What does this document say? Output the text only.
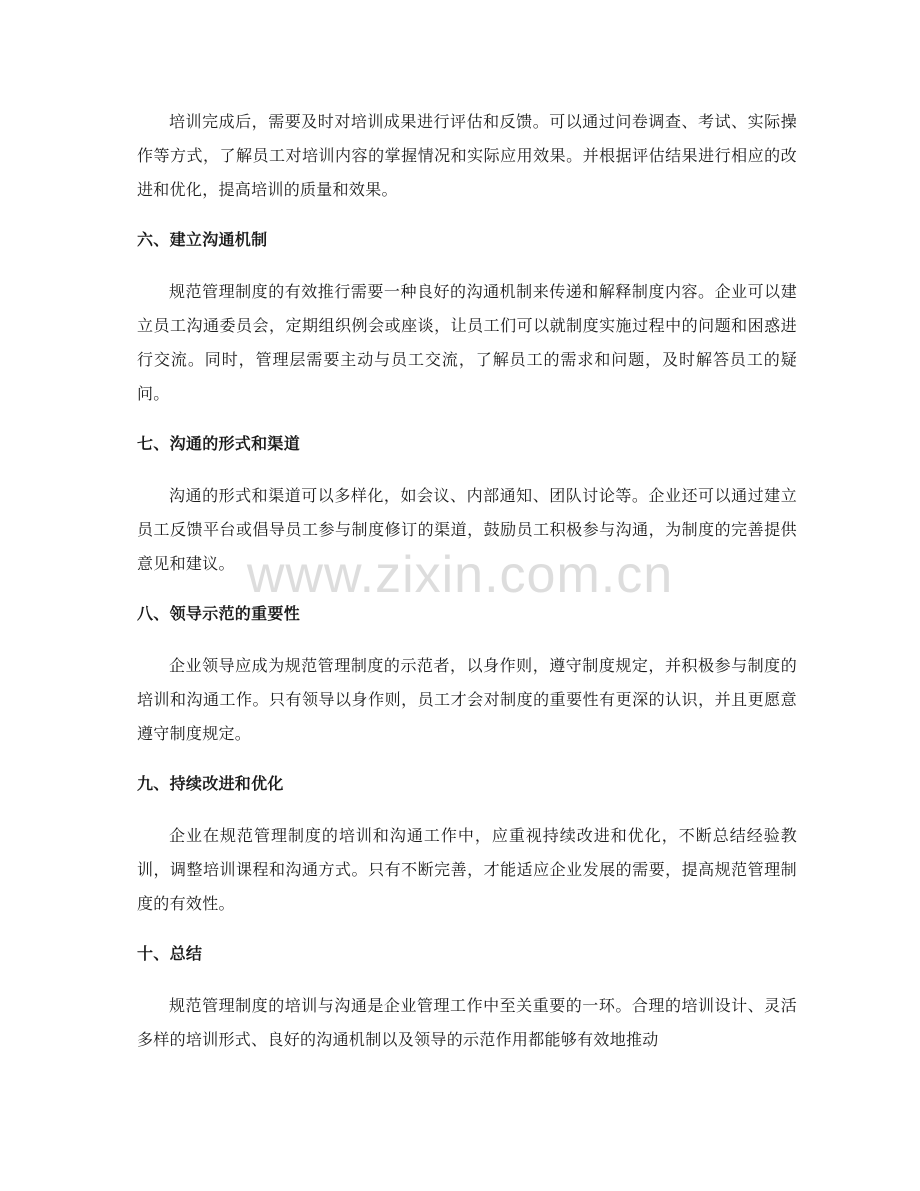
培训完成后，需要及时对培训成果进行评估和反馈。可以通过问卷调查、考试、实际操作等方式，了解员工对培训内容的掌握情况和实际应用效果。并根据评估结果进行相应的改进和优化，提高培训的质量和效果。

六、建立沟通机制

规范管理制度的有效推行需要一种良好的沟通机制来传递和解释制度内容。企业可以建立员工沟通委员会，定期组织例会或座谈，让员工们可以就制度实施过程中的问题和困惑进行交流。同时，管理层需要主动与员工交流，了解员工的需求和问题，及时解答员工的疑问。

七、沟通的形式和渠道

沟通的形式和渠道可以多样化，如会议、内部通知、团队讨论等。企业还可以通过建立员工反馈平台或倡导员工参与制度修订的渠道，鼓励员工积极参与沟通，为制度的完善提供意见和建议。

八、领导示范的重要性

企业领导应成为规范管理制度的示范者，以身作则，遵守制度规定，并积极参与制度的培训和沟通工作。只有领导以身作则，员工才会对制度的重要性有更深的认识，并且更愿意遵守制度规定。

九、持续改进和优化

企业在规范管理制度的培训和沟通工作中，应重视持续改进和优化，不断总结经验教训，调整培训课程和沟通方式。只有不断完善，才能适应企业发展的需要，提高规范管理制度的有效性。

十、总结

规范管理制度的培训与沟通是企业管理工作中至关重要的一环。合理的培训设计、灵活多样的培训形式、良好的沟通机制以及领导的示范作用都能够有效地推动

www.zixin.com.cn
